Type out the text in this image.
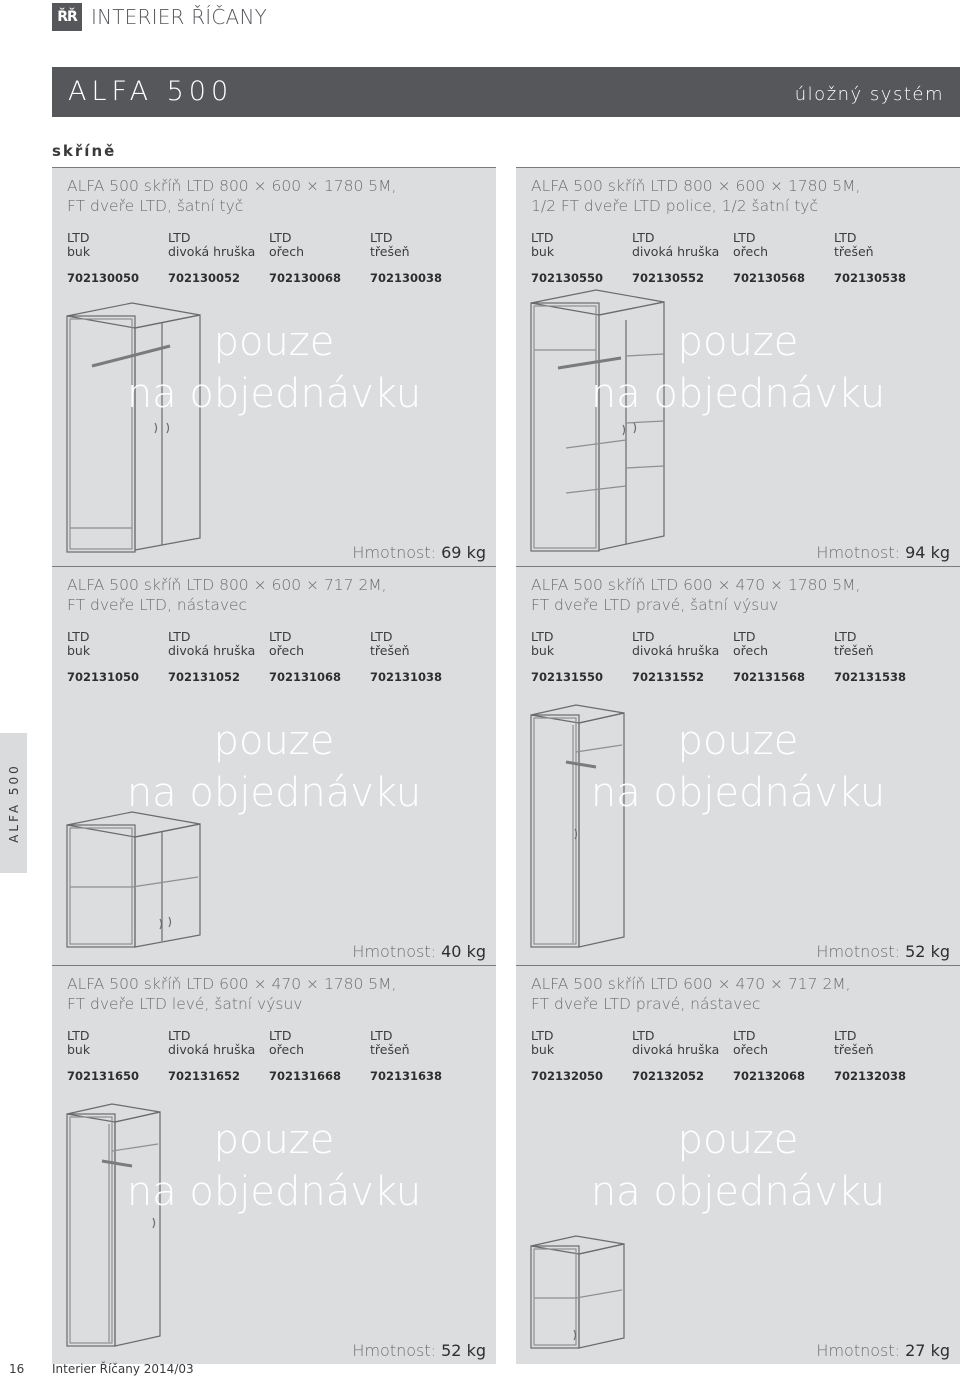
ŘŘ INTERIER ŘÍČANY
ALFA 500	úložný systém
skříně
ALFA 500
ALFA 500 skříň LTD 800 × 600 × 1780 5M,
FT dveře LTD, šatní tyč
LTD
buk
702130050
LTD
divoká hruška
702130052
LTD
ořech
702130068
LTD
třešeň
702130038
pouze
na objednávku
Hmotnost: 69 kg
ALFA 500 skříň LTD 800 × 600 × 1780 5M,
1/2 FT dveře LTD police, 1/2 šatní tyč
LTD
buk
702130550
LTD
divoká hruška
702130552
LTD
ořech
702130568
LTD
třešeň
702130538
pouze
na objednávku
Hmotnost: 94 kg
ALFA 500 skříň LTD 800 × 600 × 717 2M,
FT dveře LTD, nástavec
LTD
buk
702131050
LTD
divoká hruška
702131052
LTD
ořech
702131068
LTD
třešeň
702131038
pouze
na objednávku
Hmotnost: 40 kg
ALFA 500 skříň LTD 600 × 470 × 1780 5M,
FT dveře LTD pravé, šatní výsuv
LTD
buk
702131550
LTD
divoká hruška
702131552
LTD
ořech
702131568
LTD
třešeň
702131538
pouze
na objednávku
Hmotnost: 52 kg
ALFA 500 skříň LTD 600 × 470 × 1780 5M,
FT dveře LTD levé, šatní výsuv
LTD
buk
702131650
LTD
divoká hruška
702131652
LTD
ořech
702131668
LTD
třešeň
702131638
pouze
na objednávku
Hmotnost: 52 kg
ALFA 500 skříň LTD 600 × 470 × 717 2M,
FT dveře LTD pravé, nástavec
LTD
buk
702132050
LTD
divoká hruška
702132052
LTD
ořech
702132068
LTD
třešeň
702132038
pouze
na objednávku
Hmotnost: 27 kg
16 Interier Říčany 2014/03
